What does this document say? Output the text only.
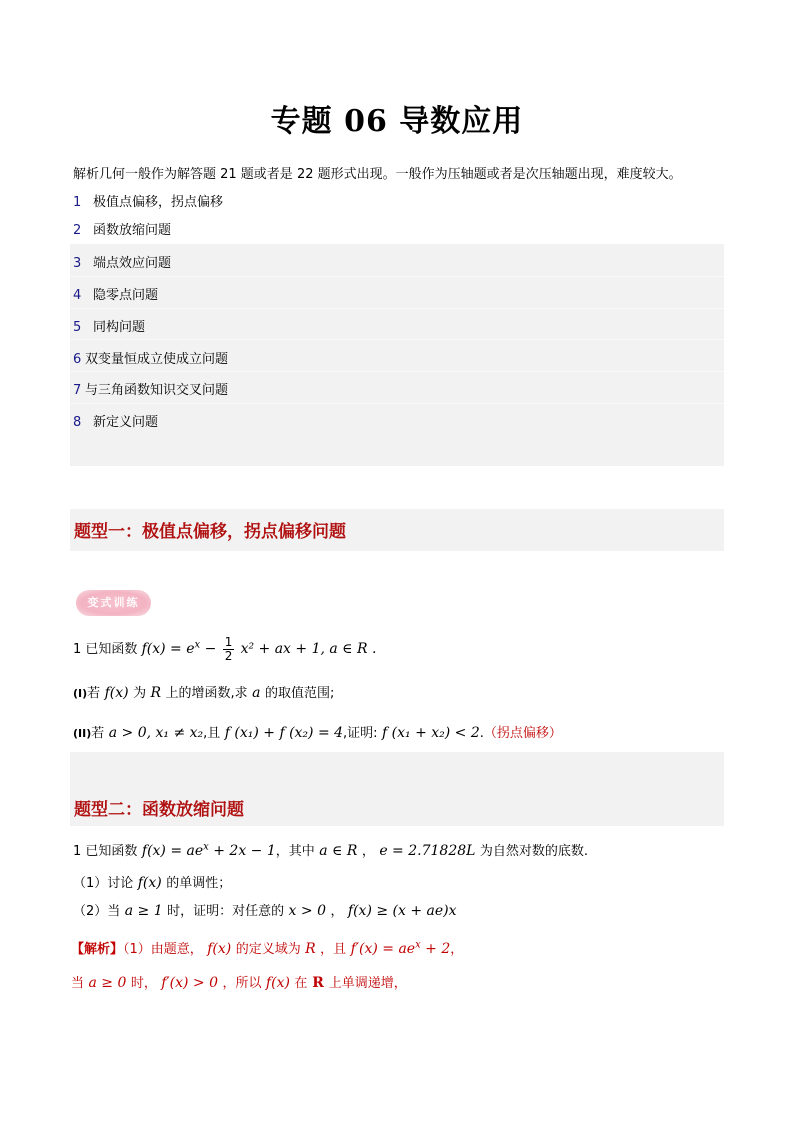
专题 06 导数应用
解析几何一般作为解答题 21 题或者是 22 题形式出现。一般作为压轴题或者是次压轴题出现，难度较大。
1 极值点偏移，拐点偏移
2 函数放缩问题
3 端点效应问题
4 隐零点问题
5 同构问题
6 双变量恒成立使成立问题
7 与三角函数知识交叉问题
8 新定义问题
题型一：极值点偏移，拐点偏移问题
变式训练
1 已知函数 $f(x) = e^x - \frac{1}{2} x^2$ + ax + 1, a ∈ R .
(I)若 f(x) 为 R 上的增函数,求 a 的取值范围;
(II)若 a > 0, x₁ ≠ x₂,且 f (x₁) + f (x₂) = 4,证明: f (x₁ + x₂) < 2.（拐点偏移）
题型二：函数放缩问题
1 已知函数 $f(x) = ae^x + 2x - 1$，其中 a ∈ R ， e = 2.71828L 为自然对数的底数.
（1）讨论 f(x) 的单调性；
（2）当 a ≥ 1 时，证明：对任意的 x > 0 ， f(x) ≥ (x + ae)x
【解析】（1）由题意， f(x) 的定义域为 R ，且 $f'(x) = ae^x + 2$，
当 a ≥ 0 时， f′(x) > 0 ，所以 f(x) 在 R 上单调递增，
